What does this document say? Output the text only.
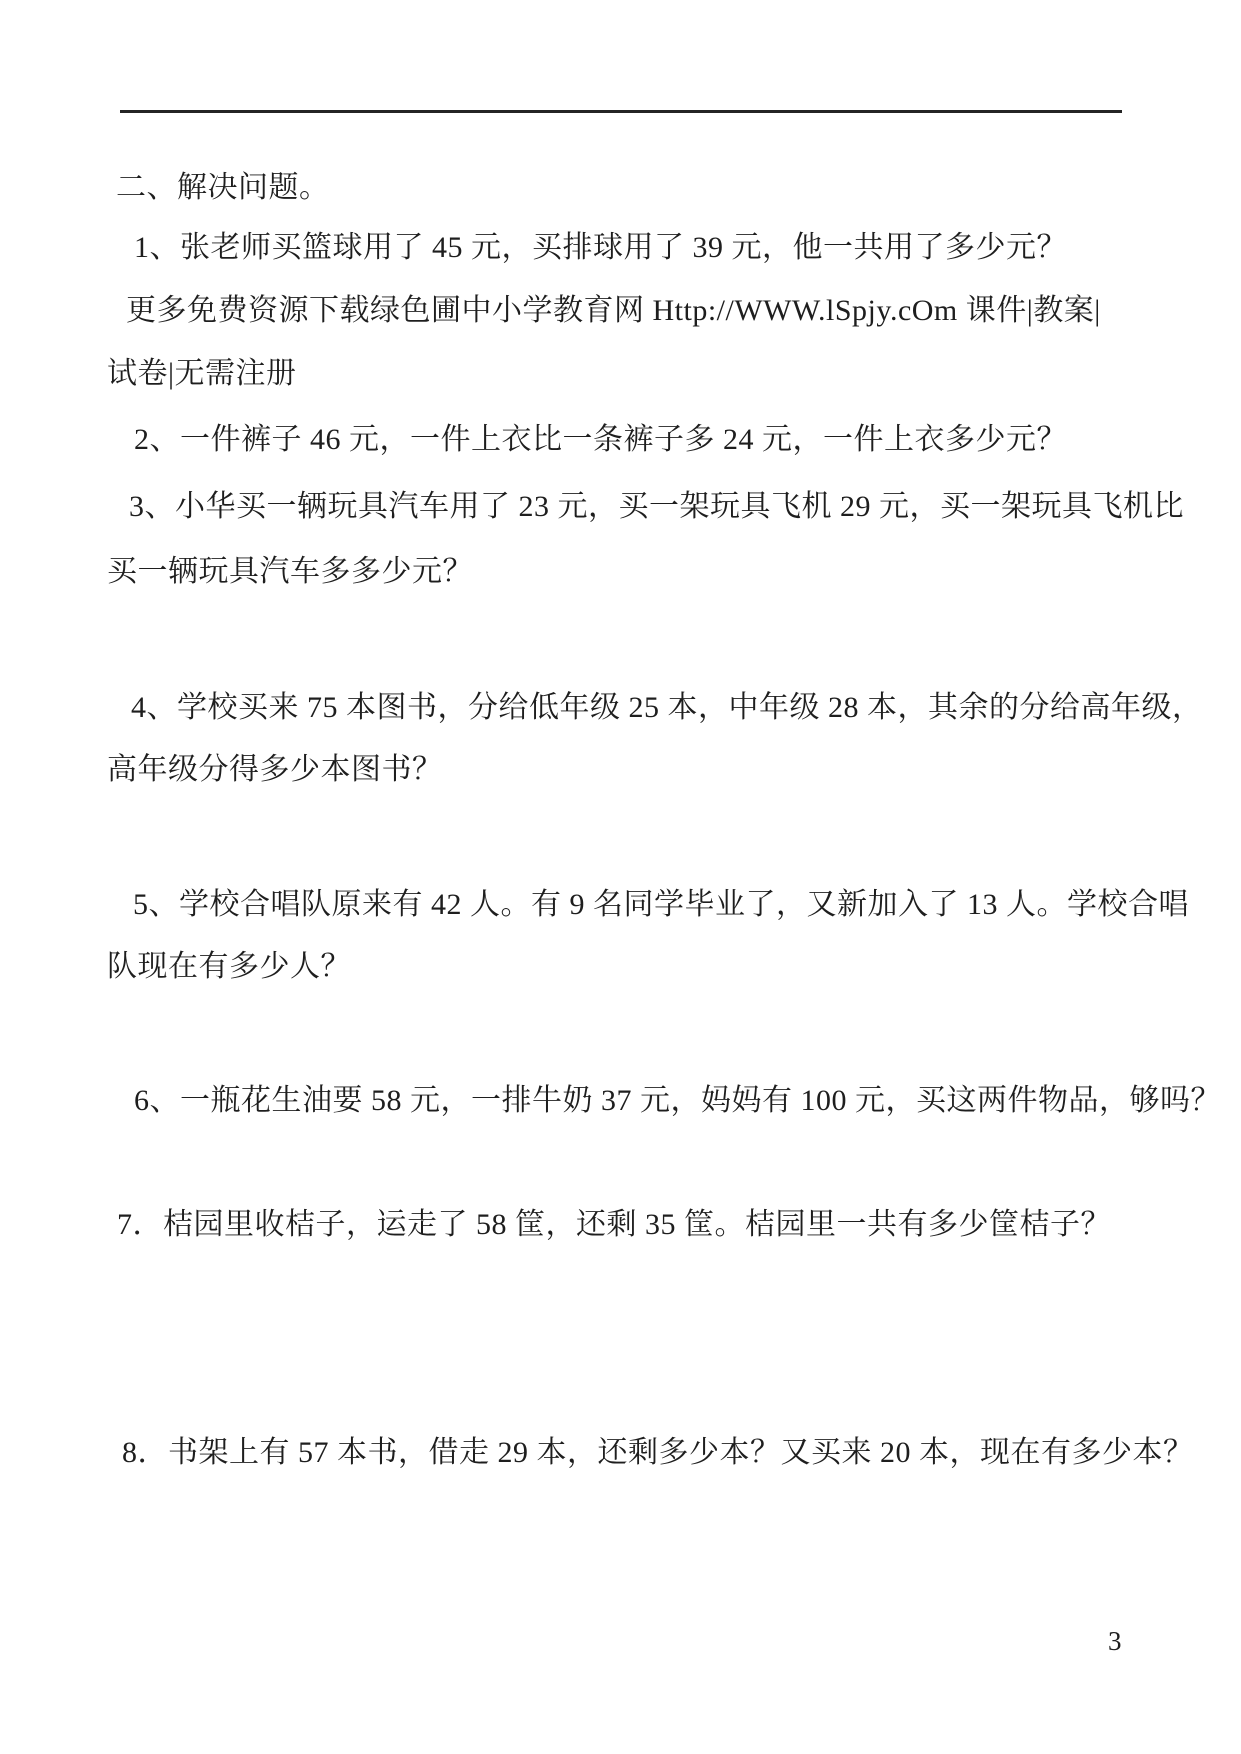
二、解决问题。
1、张老师买篮球用了 45 元，买排球用了 39 元，他一共用了多少元？
更多免费资源下载绿色圃中小学教育网 Http://WWW.lSpjy.cOm 课件|教案|
试卷|无需注册
2、一件裤子 46 元，一件上衣比一条裤子多 24 元，一件上衣多少元？
3、小华买一辆玩具汽车用了 23 元，买一架玩具飞机 29 元，买一架玩具飞机比
买一辆玩具汽车多多少元？
4、学校买来 75 本图书，分给低年级 25 本，中年级 28 本，其余的分给高年级，
高年级分得多少本图书？
5、学校合唱队原来有 42 人。有 9 名同学毕业了，又新加入了 13 人。学校合唱
队现在有多少人？
6、一瓶花生油要 58 元，一排牛奶 37 元，妈妈有 100 元，买这两件物品，够吗？
7．桔园里收桔子，运走了 58 筐，还剩 35 筐。桔园里一共有多少筐桔子？
8．书架上有 57 本书，借走 29 本，还剩多少本？又买来 20 本，现在有多少本？
3
